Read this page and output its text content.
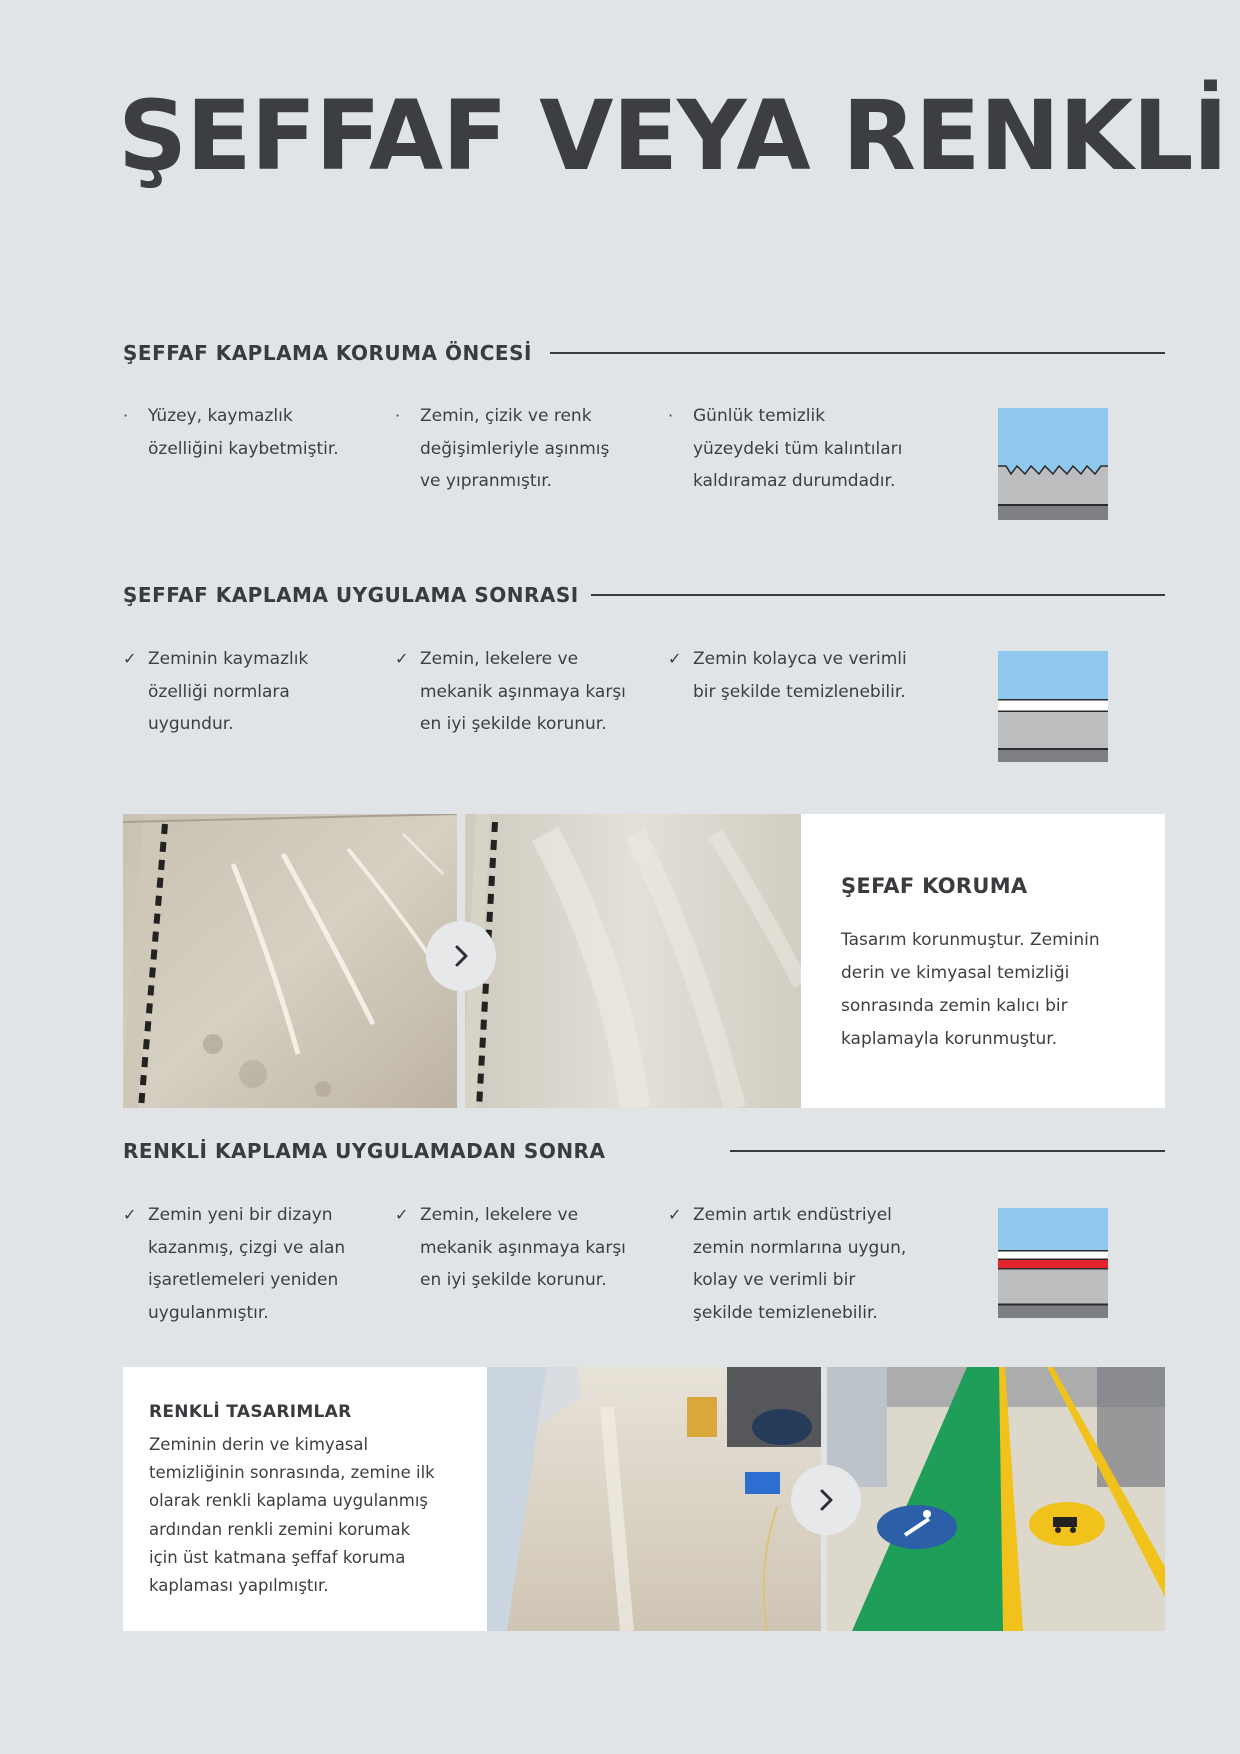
ŞEFFAF VEYA RENKLİ
ŞEFFAF KAPLAMA KORUMA ÖNCESİ
· Yüzey, kaymazlık
özelliğini kaybetmiştir.
· Zemin, çizik ve renk
değişimleriyle aşınmış
ve yıpranmıştır.
· Günlük temizlik
yüzeydeki tüm kalıntıları
kaldıramaz durumdadır.
ŞEFFAF KAPLAMA UYGULAMA SONRASI
✓ Zeminin kaymazlık
özelliği normlara
uygundur.
✓ Zemin, lekelere ve
mekanik aşınmaya karşı
en iyi şekilde korunur.
✓ Zemin kolayca ve verimli
bir şekilde temizlenebilir.
ŞEFAF KORUMA
Tasarım korunmuştur. Zeminin
derin ve kimyasal temizliği
sonrasında zemin kalıcı bir
kaplamayla korunmuştur.
RENKLİ KAPLAMA UYGULAMADAN SONRA
✓ Zemin yeni bir dizayn
kazanmış, çizgi ve alan
işaretlemeleri yeniden
uygulanmıştır.
✓ Zemin, lekelere ve
mekanik aşınmaya karşı
en iyi şekilde korunur.
✓ Zemin artık endüstriyel
zemin normlarına uygun,
kolay ve verimli bir
şekilde temizlenebilir.
RENKLİ TASARIMLAR
Zeminin derin ve kimyasal
temizliğinin sonrasında, zemine ilk
olarak renkli kaplama uygulanmış
ardından renkli zemini korumak
için üst katmana şeffaf koruma
kaplaması yapılmıştır.
